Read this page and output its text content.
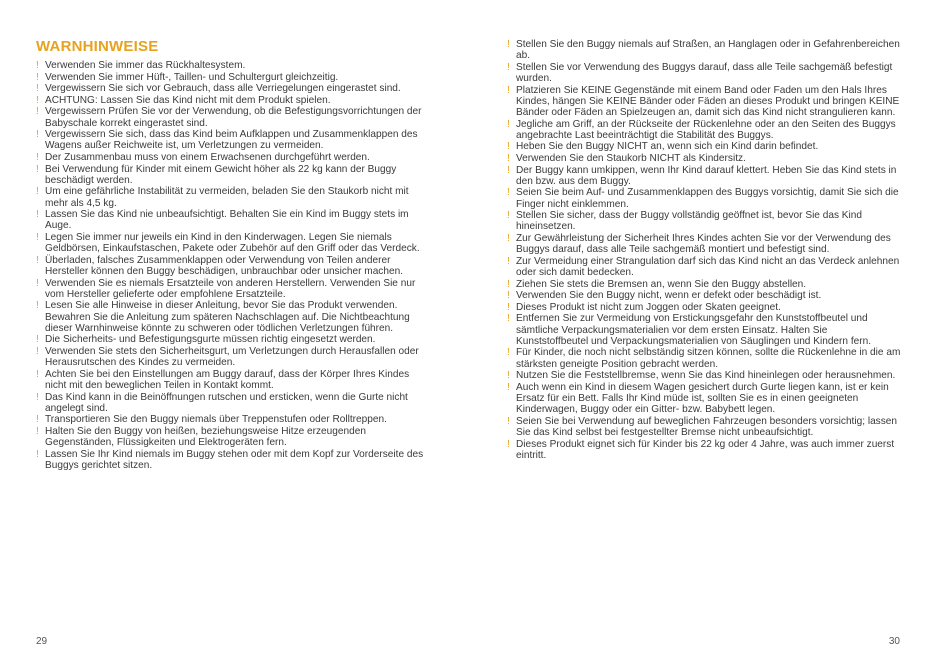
WARNHINWEISE
! Verwenden Sie immer das Rückhaltesystem.
! Verwenden Sie immer Hüft-, Taillen- und Schultergurt gleichzeitig.
! Vergewissern Sie sich vor Gebrauch, dass alle Verriegelungen eingerastet sind.
! ACHTUNG: Lassen Sie das Kind nicht mit dem Produkt spielen.
! Vergewissern Prüfen Sie vor der Verwendung, ob die Befestigungsvorrichtungen der Babyschale korrekt eingerastet sind.
! Vergewissern Sie sich, dass das Kind beim Aufklappen und Zusammenklappen des Wagens außer Reichweite ist, um Verletzungen zu vermeiden.
! Der Zusammenbau muss von einem Erwachsenen durchgeführt werden.
! Bei Verwendung für Kinder mit einem Gewicht höher als 22 kg kann der Buggy beschädigt werden.
! Um eine gefährliche Instabilität zu vermeiden, beladen Sie den Staukorb nicht mit mehr als 4,5 kg.
! Lassen Sie das Kind nie unbeaufsichtigt. Behalten Sie ein Kind im Buggy stets im Auge.
! Legen Sie immer nur jeweils ein Kind in den Kinderwagen. Legen Sie niemals Geldbörsen, Einkaufstaschen, Pakete oder Zubehör auf den Griff oder das Verdeck.
! Überladen, falsches Zusammenklappen oder Verwendung von Teilen anderer Hersteller können den Buggy beschädigen, unbrauchbar oder unsicher machen.
! Verwenden Sie es niemals Ersatzteile von anderen Herstellern. Verwenden Sie nur vom Hersteller gelieferte oder empfohlene Ersatzteile.
! Lesen Sie alle Hinweise in dieser Anleitung, bevor Sie das Produkt verwenden. Bewahren Sie die Anleitung zum späteren Nachschlagen auf. Die Nichtbeachtung dieser Warnhinweise könnte zu schweren oder tödlichen Verletzungen führen.
! Die Sicherheits- und Befestigungsgurte müssen richtig eingesetzt werden.
! Verwenden Sie stets den Sicherheitsgurt, um Verletzungen durch Herausfallen oder Herausrutschen des Kindes zu vermeiden.
! Achten Sie bei den Einstellungen am Buggy darauf, dass der Körper Ihres Kindes nicht mit den beweglichen Teilen in Kontakt kommt.
! Das Kind kann in die Beinöffnungen rutschen und ersticken, wenn die Gurte nicht angelegt sind.
! Transportieren Sie den Buggy niemals über Treppenstufen oder Rolltreppen.
! Halten Sie den Buggy von heißen, beziehungsweise Hitze erzeugenden Gegenständen, Flüssigkeiten und Elektrogeräten fern.
! Lassen Sie Ihr Kind niemals im Buggy stehen oder mit dem Kopf zur Vorderseite des Buggys gerichtet sitzen.
29
! Stellen Sie den Buggy niemals auf Straßen, an Hanglagen oder in Gefahrenbereichen ab.
! Stellen Sie vor Verwendung des Buggys darauf, dass alle Teile sachgemäß befestigt wurden.
! Platzieren Sie KEINE Gegenstände mit einem Band oder Faden um den Hals Ihres Kindes, hängen Sie KEINE Bänder oder Fäden an dieses Produkt und bringen KEINE Bänder oder Fäden an Spielzeugen an, damit sich das Kind nicht strangulieren kann.
! Jegliche am Griff, an der Rückseite der Rückenlehne oder an den Seiten des Buggys angebrachte Last beeinträchtigt die Stabilität des Buggys.
! Heben Sie den Buggy NICHT an, wenn sich ein Kind darin befindet.
! Verwenden Sie den Staukorb NICHT als Kindersitz.
! Der Buggy kann umkippen, wenn Ihr Kind darauf klettert. Heben Sie das Kind stets in den bzw. aus dem Buggy.
! Seien Sie beim Auf- und Zusammenklappen des Buggys vorsichtig, damit Sie sich die Finger nicht einklemmen.
! Stellen Sie sicher, dass der Buggy vollständig geöffnet ist, bevor Sie das Kind hineinsetzen.
! Zur Gewährleistung der Sicherheit Ihres Kindes achten Sie vor der Verwendung des Buggys darauf, dass alle Teile sachgemäß montiert und befestigt sind.
! Zur Vermeidung einer Strangulation darf sich das Kind nicht an das Verdeck anlehnen oder sich damit bedecken.
! Ziehen Sie stets die Bremsen an, wenn Sie den Buggy abstellen.
! Verwenden Sie den Buggy nicht, wenn er defekt oder beschädigt ist.
! Dieses Produkt ist nicht zum Joggen oder Skaten geeignet.
! Entfernen Sie zur Vermeidung von Erstickungsgefahr den Kunststoffbeutel und sämtliche Verpackungsmaterialien vor dem ersten Einsatz. Halten Sie Kunststoffbeutel und Verpackungsmaterialien von Säuglingen und Kindern fern.
! Für Kinder, die noch nicht selbständig sitzen können, sollte die Rückenlehne in die am stärksten geneigte Position gebracht werden.
! Nutzen Sie die Feststellbremse, wenn Sie das Kind hineinlegen oder herausnehmen.
! Auch wenn ein Kind in diesem Wagen gesichert durch Gurte liegen kann, ist er kein Ersatz für ein Bett. Falls Ihr Kind müde ist, sollten Sie es in einen geeigneten Kinderwagen, Buggy oder ein Gitter- bzw. Babybett legen.
! Seien Sie bei Verwendung auf beweglichen Fahrzeugen besonders vorsichtig; lassen Sie das Kind selbst bei festgestellter Bremse nicht unbeaufsichtigt.
! Dieses Produkt eignet sich für Kinder bis 22 kg oder 4 Jahre, was auch immer zuerst eintritt.
30
